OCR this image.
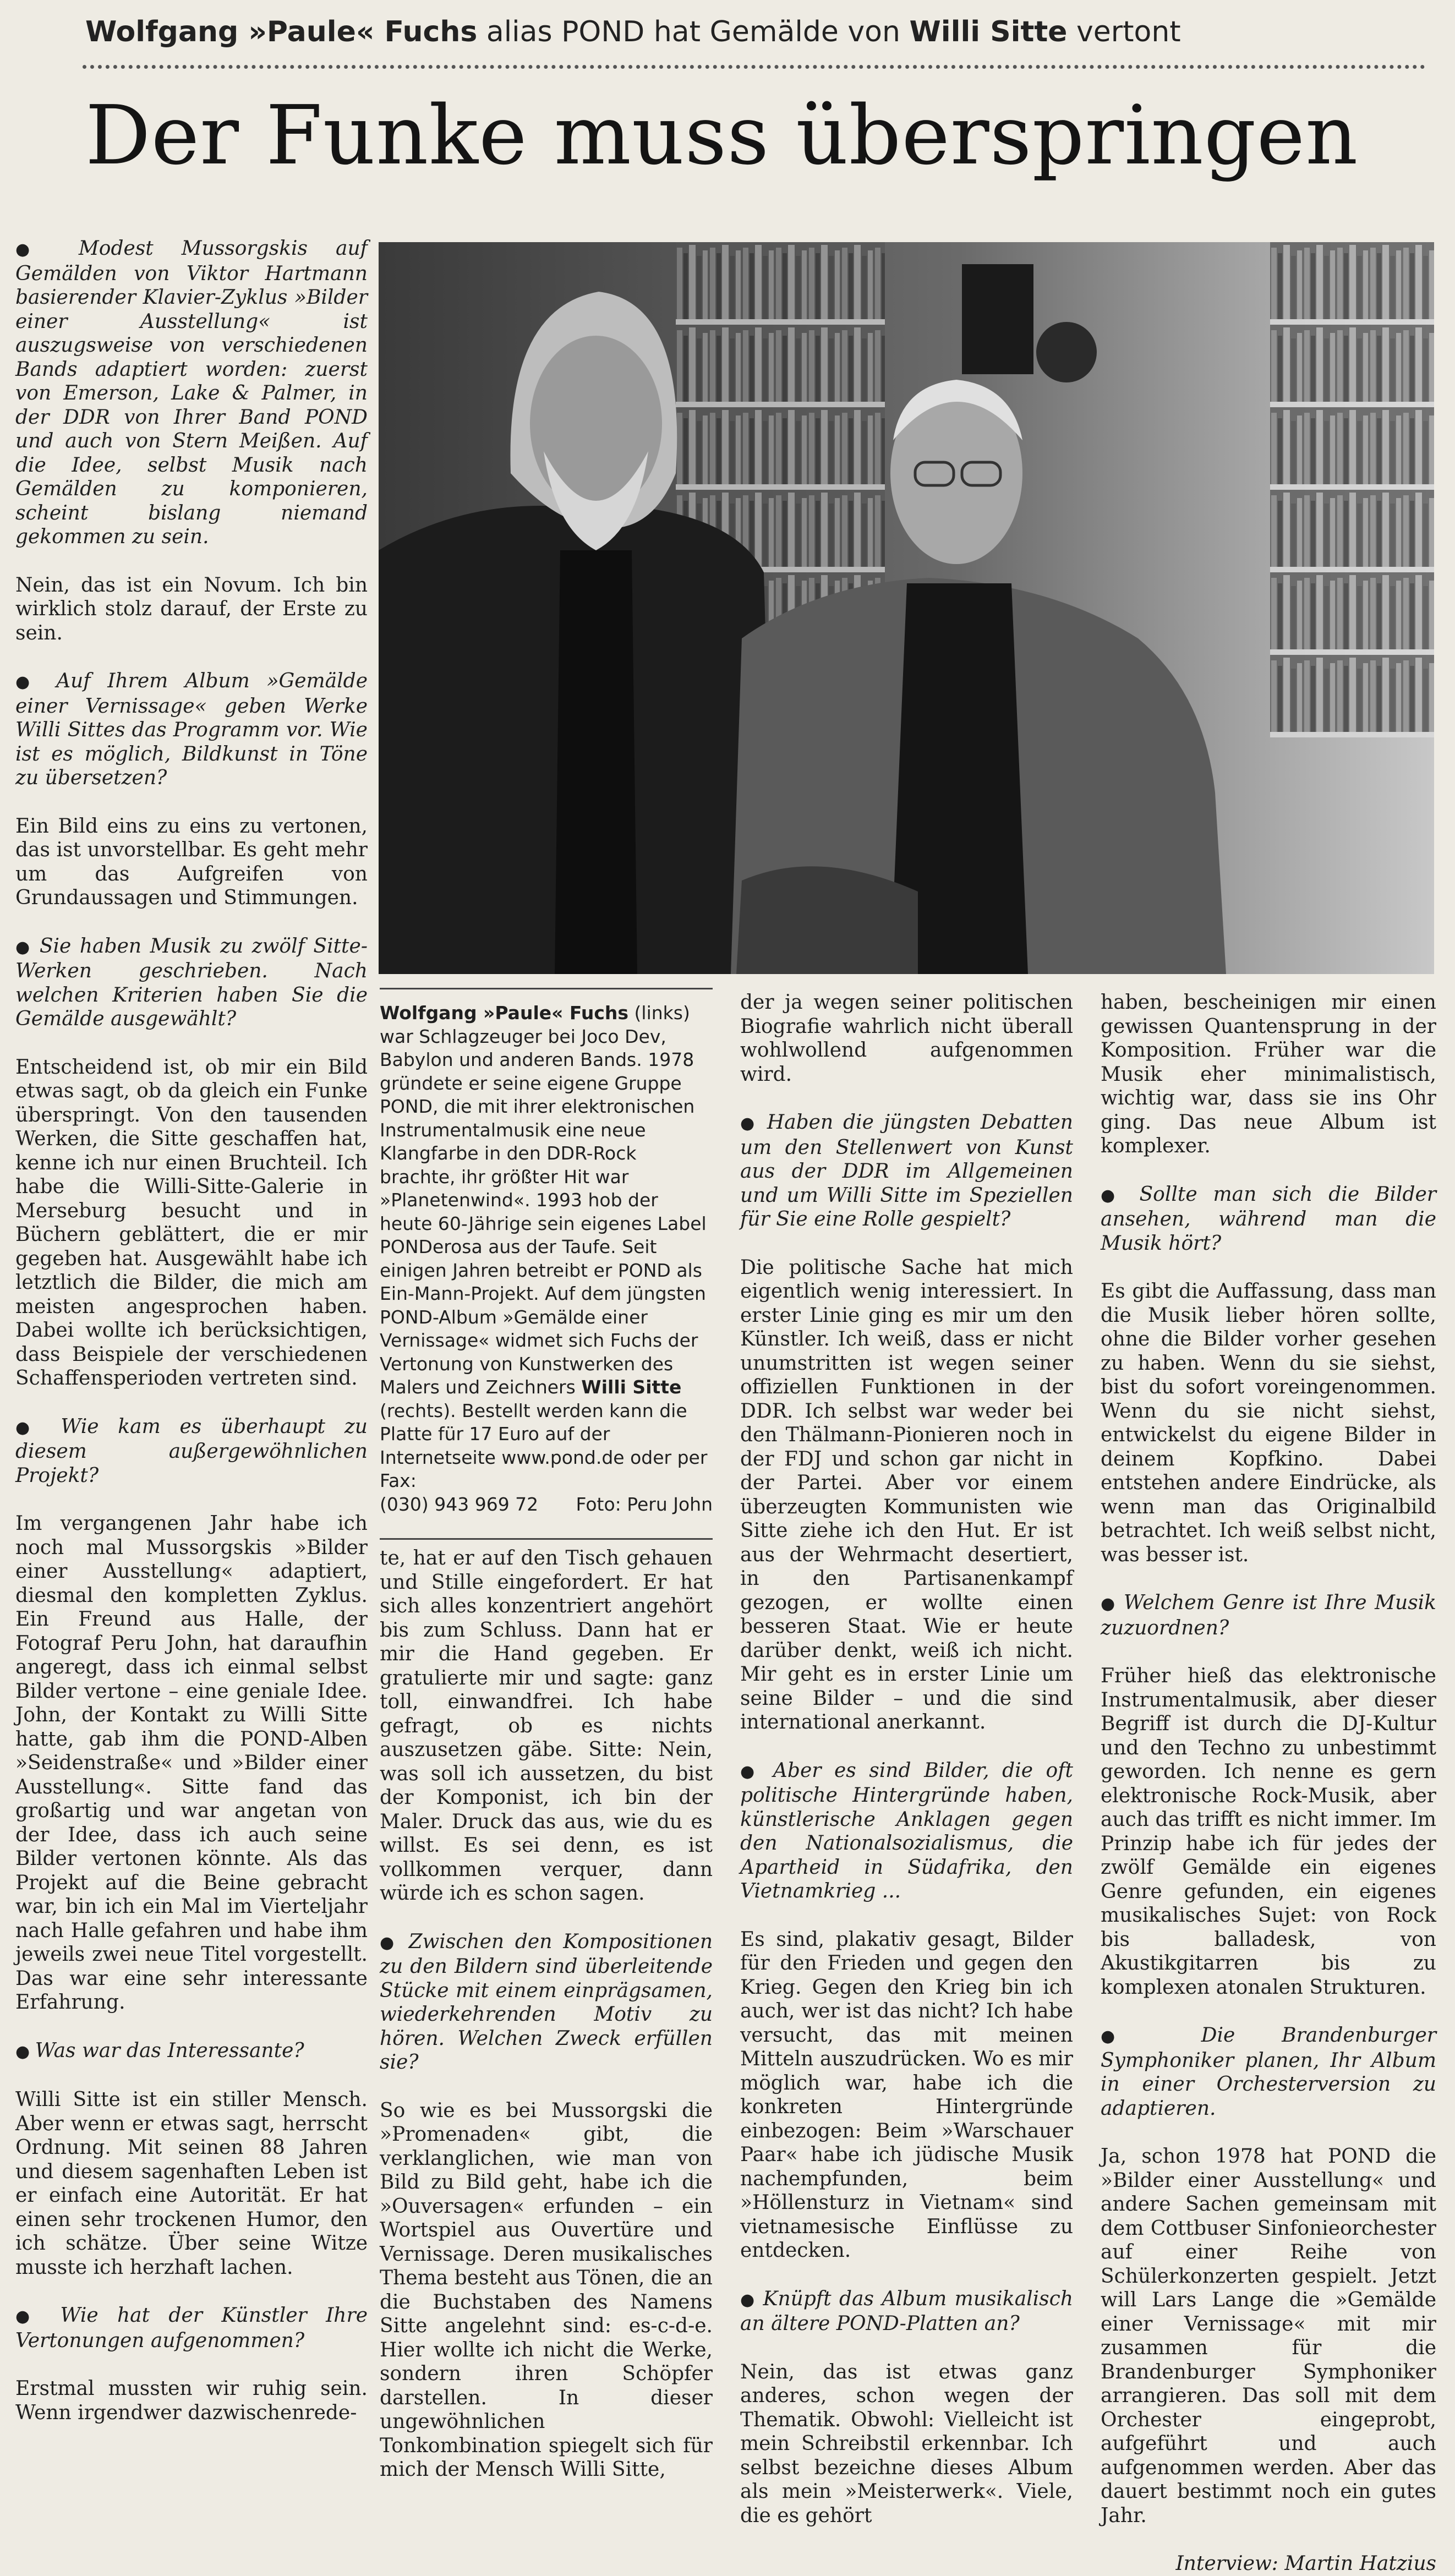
Wolfgang »Paule« Fuchs alias POND hat Gemälde von Willi Sitte vertont
Der Funke muss überspringen

● Modest Mussorgskis auf Gemälden von Viktor Hartmann basierender Klavier-Zyklus »Bilder einer Ausstellung« ist auszugsweise von verschiedenen Bands adaptiert worden: zuerst von Emerson, Lake & Palmer, in der DDR von Ihrer Band POND und auch von Stern Meißen. Auf die Idee, selbst Musik nach Gemälden zu komponieren, scheint bislang niemand gekommen zu sein.

Nein, das ist ein Novum. Ich bin wirklich stolz darauf, der Erste zu sein.

● Auf Ihrem Album »Gemälde einer Vernissage« geben Werke Willi Sittes das Programm vor. Wie ist es möglich, Bildkunst in Töne zu übersetzen?

Ein Bild eins zu eins zu vertonen, das ist unvorstellbar. Es geht mehr um das Aufgreifen von Grundaussagen und Stimmungen.

● Sie haben Musik zu zwölf Sitte-Werken geschrieben. Nach welchen Kriterien haben Sie die Gemälde ausgewählt?

Entscheidend ist, ob mir ein Bild etwas sagt, ob da gleich ein Funke überspringt. Von den tausenden Werken, die Sitte geschaffen hat, kenne ich nur einen Bruchteil. Ich habe die Willi-Sitte-Galerie in Merseburg besucht und in Büchern geblättert, die er mir gegeben hat. Ausgewählt habe ich letztlich die Bilder, die mich am meisten angesprochen haben. Dabei wollte ich berücksichtigen, dass Beispiele der verschiedenen Schaffensperioden vertreten sind.

● Wie kam es überhaupt zu diesem außergewöhnlichen Projekt?

Im vergangenen Jahr habe ich noch mal Mussorgskis »Bilder einer Ausstellung« adaptiert, diesmal den kompletten Zyklus. Ein Freund aus Halle, der Fotograf Peru John, hat daraufhin angeregt, dass ich einmal selbst Bilder vertone – eine geniale Idee. John, der Kontakt zu Willi Sitte hatte, gab ihm die POND-Alben »Seidenstraße« und »Bilder einer Ausstellung«. Sitte fand das großartig und war angetan von der Idee, dass ich auch seine Bilder vertonen könnte. Als das Projekt auf die Beine gebracht war, bin ich ein Mal im Vierteljahr nach Halle gefahren und habe ihm jeweils zwei neue Titel vorgestellt. Das war eine sehr interessante Erfahrung.

● Was war das Interessante?

Willi Sitte ist ein stiller Mensch. Aber wenn er etwas sagt, herrscht Ordnung. Mit seinen 88 Jahren und diesem sagenhaften Leben ist er einfach eine Autorität. Er hat einen sehr trockenen Humor, den ich schätze. Über seine Witze musste ich herzhaft lachen.

● Wie hat der Künstler Ihre Vertonungen aufgenommen?

Erstmal mussten wir ruhig sein. Wenn irgendwer dazwischenrede-

Wolfgang »Paule« Fuchs (links) war Schlagzeuger bei Joco Dev, Babylon und anderen Bands. 1978 gründete er seine eigene Gruppe POND, die mit ihrer elektronischen Instrumentalmusik eine neue Klangfarbe in den DDR-Rock brachte, ihr größter Hit war »Planetenwind«. 1993 hob der heute 60-Jährige sein eigenes Label PONDerosa aus der Taufe. Seit einigen Jahren betreibt er POND als Ein-Mann-Projekt. Auf dem jüngsten POND-Album »Gemälde einer Vernissage« widmet sich Fuchs der Vertonung von Kunstwerken des Malers und Zeichners Willi Sitte (rechts). Bestellt werden kann die Platte für 17 Euro auf der Internetseite www.pond.de oder per Fax:
(030) 943 969 72 Foto: Peru John

te, hat er auf den Tisch gehauen und Stille eingefordert. Er hat sich alles konzentriert angehört bis zum Schluss. Dann hat er mir die Hand gegeben. Er gratulierte mir und sagte: ganz toll, einwandfrei. Ich habe gefragt, ob es nichts auszusetzen gäbe. Sitte: Nein, was soll ich aussetzen, du bist der Komponist, ich bin der Maler. Druck das aus, wie du es willst. Es sei denn, es ist vollkommen verquer, dann würde ich es schon sagen.

● Zwischen den Kompositionen zu den Bildern sind überleitende Stücke mit einem einprägsamen, wiederkehrenden Motiv zu hören. Welchen Zweck erfüllen sie?

So wie es bei Mussorgski die »Promenaden« gibt, die verklanglichen, wie man von Bild zu Bild geht, habe ich die »Ouversagen« erfunden – ein Wortspiel aus Ouvertüre und Vernissage. Deren musikalisches Thema besteht aus Tönen, die an die Buchstaben des Namens Sitte angelehnt sind: es-c-d-e. Hier wollte ich nicht die Werke, sondern ihren Schöpfer darstellen. In dieser ungewöhnlichen Tonkombination spiegelt sich für mich der Mensch Willi Sitte,

der ja wegen seiner politischen Biografie wahrlich nicht überall wohlwollend aufgenommen wird.

● Haben die jüngsten Debatten um den Stellenwert von Kunst aus der DDR im Allgemeinen und um Willi Sitte im Speziellen für Sie eine Rolle gespielt?

Die politische Sache hat mich eigentlich wenig interessiert. In erster Linie ging es mir um den Künstler. Ich weiß, dass er nicht unumstritten ist wegen seiner offiziellen Funktionen in der DDR. Ich selbst war weder bei den Thälmann-Pionieren noch in der FDJ und schon gar nicht in der Partei. Aber vor einem überzeugten Kommunisten wie Sitte ziehe ich den Hut. Er ist aus der Wehrmacht desertiert, in den Partisanenkampf gezogen, er wollte einen besseren Staat. Wie er heute darüber denkt, weiß ich nicht. Mir geht es in erster Linie um seine Bilder – und die sind international anerkannt.

● Aber es sind Bilder, die oft politische Hintergründe haben, künstlerische Anklagen gegen den Nationalsozialismus, die Apartheid in Südafrika, den Vietnamkrieg ...

Es sind, plakativ gesagt, Bilder für den Frieden und gegen den Krieg. Gegen den Krieg bin ich auch, wer ist das nicht? Ich habe versucht, das mit meinen Mitteln auszudrücken. Wo es mir möglich war, habe ich die konkreten Hintergründe einbezogen: Beim »Warschauer Paar« habe ich jüdische Musik nachempfunden, beim »Höllensturz in Vietnam« sind vietnamesische Einflüsse zu entdecken.

● Knüpft das Album musikalisch an ältere POND-Platten an?

Nein, das ist etwas ganz anderes, schon wegen der Thematik. Obwohl: Vielleicht ist mein Schreibstil erkennbar. Ich selbst bezeichne dieses Album als mein »Meisterwerk«. Viele, die es gehört

haben, bescheinigen mir einen gewissen Quantensprung in der Komposition. Früher war die Musik eher minimalistisch, wichtig war, dass sie ins Ohr ging. Das neue Album ist komplexer.

● Sollte man sich die Bilder ansehen, während man die Musik hört?

Es gibt die Auffassung, dass man die Musik lieber hören sollte, ohne die Bilder vorher gesehen zu haben. Wenn du sie siehst, bist du sofort voreingenommen. Wenn du sie nicht siehst, entwickelst du eigene Bilder in deinem Kopfkino. Dabei entstehen andere Eindrücke, als wenn man das Originalbild betrachtet. Ich weiß selbst nicht, was besser ist.

● Welchem Genre ist Ihre Musik zuzuordnen?

Früher hieß das elektronische Instrumentalmusik, aber dieser Begriff ist durch die DJ-Kultur und den Techno zu unbestimmt geworden. Ich nenne es gern elektronische Rock-Musik, aber auch das trifft es nicht immer. Im Prinzip habe ich für jedes der zwölf Gemälde ein eigenes Genre gefunden, ein eigenes musikalisches Sujet: von Rock bis balladesk, von Akustikgitarren bis zu komplexen atonalen Strukturen.

● Die Brandenburger Symphoniker planen, Ihr Album in einer Orchesterversion zu adaptieren.

Ja, schon 1978 hat POND die »Bilder einer Ausstellung« und andere Sachen gemeinsam mit dem Cottbuser Sinfonieorchester auf einer Reihe von Schülerkonzerten gespielt. Jetzt will Lars Lange die »Gemälde einer Vernissage« mit mir zusammen für die Brandenburger Symphoniker arrangieren. Das soll mit dem Orchester eingeprobt, aufgeführt und auch aufgenommen werden. Aber das dauert bestimmt noch ein gutes Jahr.

Interview: Martin Hatzius
